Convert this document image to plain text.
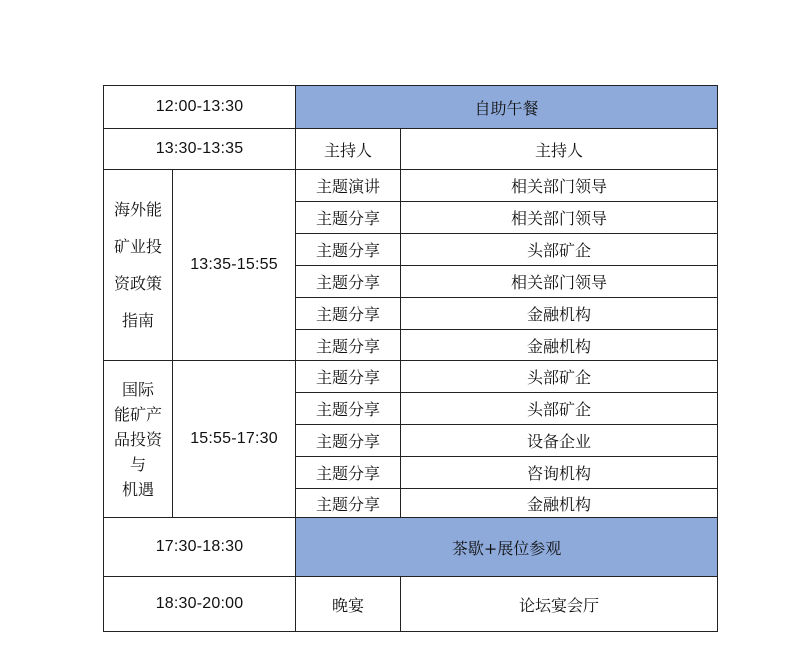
12:00-13:30		自助午餐	
13:30-13:35		主持人	主持人

海外能
矿业投
资政策
指南	13:35-15:55	主题演讲	相关部门领导
		主题分享	相关部门领导
		主题分享	头部矿企
		主题分享	相关部门领导
		主题分享	金融机构
		主题分享	金融机构

国际
能矿产
品投资
与
机遇	15:55-17:30	主题分享	头部矿企
		主题分享	头部矿企
		主题分享	设备企业
		主题分享	咨询机构
		主题分享	金融机构
17:30-18:30		茶歇+展位参观	
18:30-20:00		晚宴	论坛宴会厅
